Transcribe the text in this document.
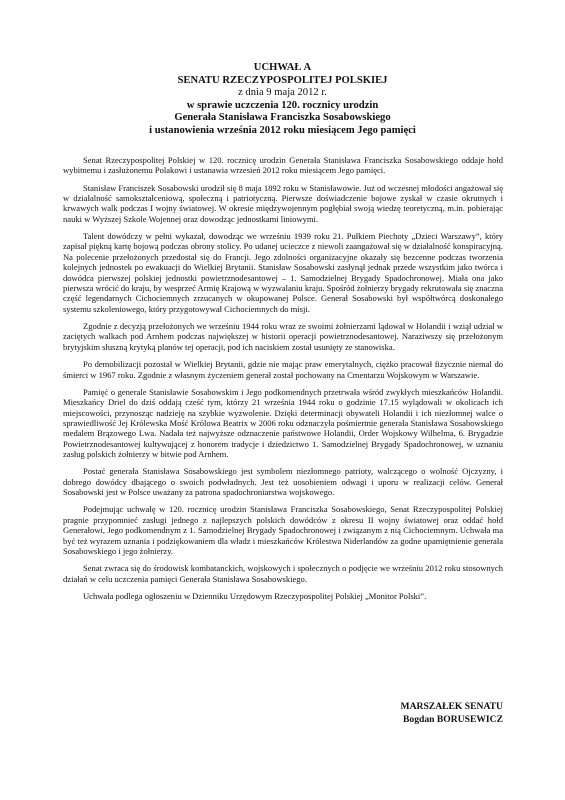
UCHWAŁ A
SENATU RZECZYPOSPOLITEJ POLSKIEJ
z dnia 9 maja 2012 r.
w sprawie uczczenia 120. rocznicy urodzin
Generała Stanisława Franciszka Sosabowskiego
i ustanowienia września 2012 roku miesiącem Jego pamięci

Senat Rzeczypospolitej Polskiej w 120. rocznicę urodzin Generała Stanisława Franciszka Sosabowskiego oddaje hołd wybitnemu i zasłużonemu Polakowi i ustanawia wrzesień 2012 roku miesiącem Jego pamięci.

Stanisław Franciszek Sosabowski urodził się 8 maja 1892 roku w Stanisławowie. Już od wczesnej młodości angażował się w działalność samokształceniową, społeczną i patriotyczną. Pierwsze doświadczenie bojowe zyskał w czasie okrutnych i krwawych walk podczas I wojny światowej. W okresie międzywojennym pogłębiał swoją wiedzę teoretyczną, m.in. pobierając nauki w Wyższej Szkole Wojennej oraz dowodząc jednostkami liniowymi.

Talent dowódczy w pełni wykazał, dowodząc we wrześniu 1939 roku 21. Pułkiem Piechoty „Dzieci Warszawy”, który zapisał piękną kartę bojową podczas obrony stolicy. Po udanej ucieczce z niewoli zaangażował się w działalność konspiracyjną. Na polecenie przełożonych przedostał się do Francji. Jego zdolności organizacyjne okazały się bezcenne podczas tworzenia kolejnych jednostek po ewakuacji do Wielkiej Brytanii. Stanisław Sosabowski zasłynął jednak przede wszystkim jako twórca i dowódca pierwszej polskiej jednostki powietrznodesantowej – 1. Samodzielnej Brygady Spadochronowej. Miała ona jako pierwsza wrócić do kraju, by wesprzeć Armię Krajową w wyzwalaniu kraju. Spośród żołnierzy brygady rekrutowała się znaczna część legendarnych Cichociemnych zrzucanych w okupowanej Polsce. Generał Sosabowski był współtwórcą doskonałego systemu szkoleniowego, który przygotowywał Cichociemnych do misji.

Zgodnie z decyzją przełożonych we wrześniu 1944 roku wraz ze swoimi żołnierzami lądował w Holandii i wziął udział w zaciętych walkach pod Arnhem podczas największej w historii operacji powietrznodesantowej. Naraziwszy się przełożonym brytyjskim słuszną krytyką planów tej operacji, pod ich naciskiem został usunięty ze stanowiska.

Po demobilizacji pozostał w Wielkiej Brytanii, gdzie nie mając praw emerytalnych, ciężko pracował fizycznie niemal do śmierci w 1967 roku. Zgodnie z własnym życzeniem generał został pochowany na Cmentarzu Wojskowym w Warszawie.

Pamięć o generale Stanisławie Sosabowskim i Jego podkomendnych przetrwała wśród zwykłych mieszkańców Holandii. Mieszkańcy Driel do dziś oddają cześć tym, którzy 21 września 1944 roku o godzinie 17.15 wylądowali w okolicach ich miejscowości, przynosząc nadzieję na szybkie wyzwolenie. Dzięki determinacji obywateli Holandii i ich niezłomnej walce o sprawiedliwość Jej Królewska Mość Królowa Beatrix w 2006 roku odznaczyła pośmiertnie generała Stanisława Sosabowskiego medalem Brązowego Lwa. Nadała też najwyższe odznaczenie państwowe Holandii, Order Wojskowy Wilhelma, 6. Brygadzie Powietrznodesantowej kultywującej z honorem tradycje i dziedzictwo 1. Samodzielnej Brygady Spadochronowej, w uznaniu zasług polskich żołnierzy w bitwie pod Arnhem.

Postać generała Stanisława Sosabowskiego jest symbolem niezłomnego patrioty, walczącego o wolność Ojczyzny, i dobrego dowódcy dbającego o swoich podwładnych. Jest też uosobieniem odwagi i uporu w realizacji celów. Generał Sosabowski jest w Polsce uważany za patrona spadochroniarstwa wojskowego.

Podejmując uchwałę w 120. rocznicę urodzin Stanisława Franciszka Sosabowskiego, Senat Rzeczypospolitej Polskiej pragnie przypomnieć zasługi jednego z najlepszych polskich dowódców z okresu II wojny światowej oraz oddać hołd Generałowi, Jego podkomendnym z 1. Samodzielnej Brygady Spadochronowej i związanym z nią Cichociemnym. Uchwała ma być też wyrazem uznania i podziękowaniem dla władz i mieszkańców Królestwa Niderlandów za godne upamiętnienie generała Sosabowskiego i jego żołnierzy.

Senat zwraca się do środowisk kombatanckich, wojskowych i społecznych o podjęcie we wrześniu 2012 roku stosownych działań w celu uczczenia pamięci Generała Stanisława Sosabowskiego.

Uchwała podlega ogłoszeniu w Dzienniku Urzędowym Rzeczypospolitej Polskiej „Monitor Polski”.

MARSZAŁEK SENATU
Bogdan BORUSEWICZ
